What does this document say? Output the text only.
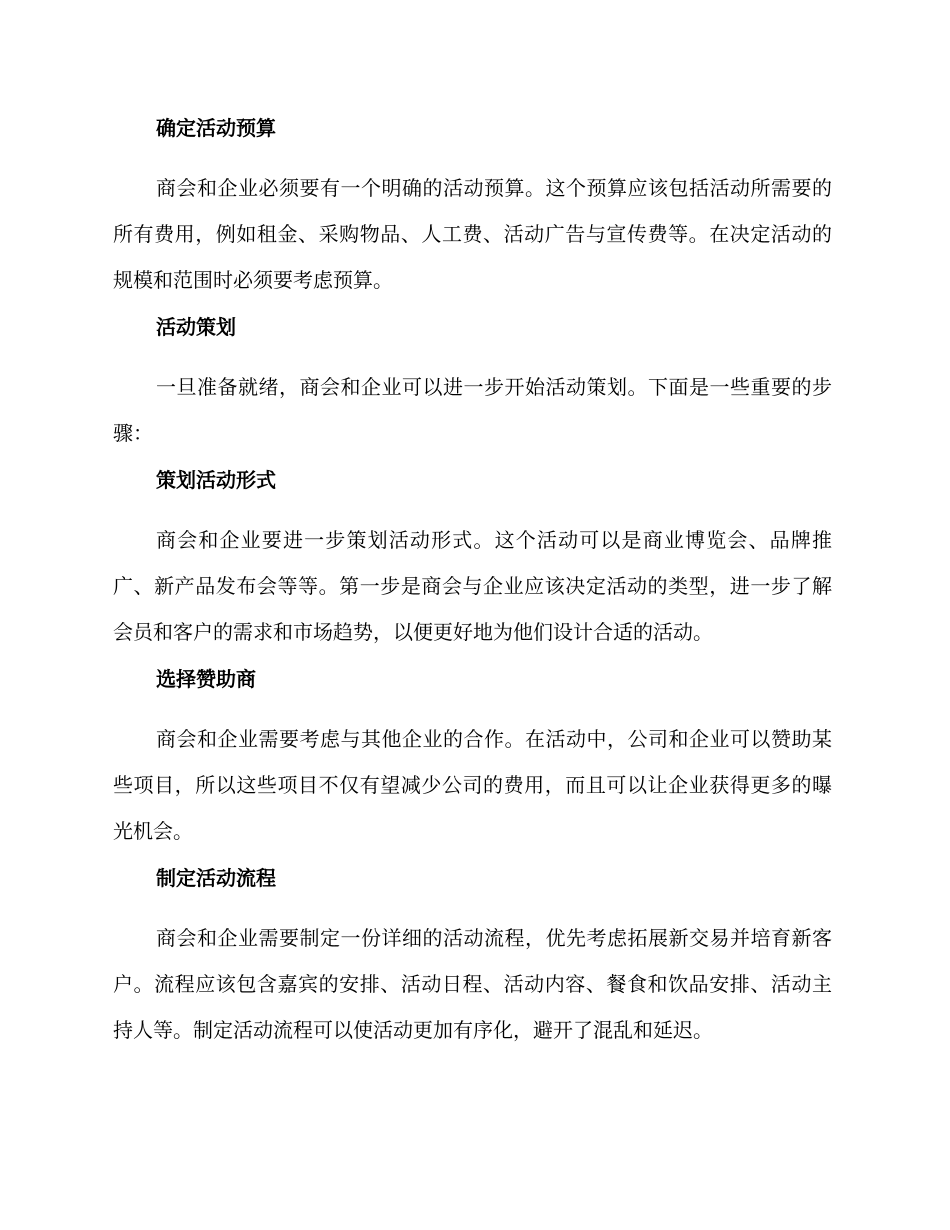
确定活动预算

商会和企业必须要有一个明确的活动预算。这个预算应该包括活动所需要的所有费用，例如租金、采购物品、人工费、活动广告与宣传费等。在决定活动的规模和范围时必须要考虑预算。

活动策划

一旦准备就绪，商会和企业可以进一步开始活动策划。下面是一些重要的步骤：

策划活动形式

商会和企业要进一步策划活动形式。这个活动可以是商业博览会、品牌推广、新产品发布会等等。第一步是商会与企业应该决定活动的类型，进一步了解会员和客户的需求和市场趋势，以便更好地为他们设计合适的活动。

选择赞助商

商会和企业需要考虑与其他企业的合作。在活动中，公司和企业可以赞助某些项目，所以这些项目不仅有望减少公司的费用，而且可以让企业获得更多的曝光机会。

制定活动流程

商会和企业需要制定一份详细的活动流程，优先考虑拓展新交易并培育新客户。流程应该包含嘉宾的安排、活动日程、活动内容、餐食和饮品安排、活动主持人等。制定活动流程可以使活动更加有序化，避开了混乱和延迟。
